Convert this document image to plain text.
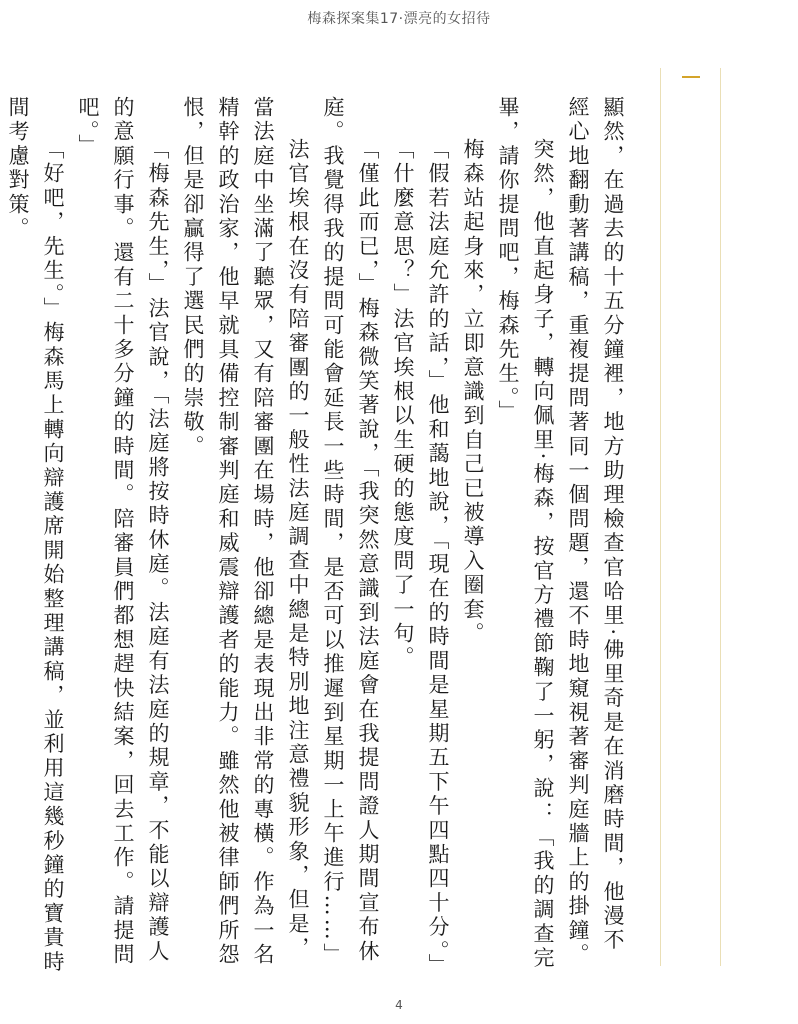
梅森探案集17·漂亮的女招待

顯然，在過去的十五分鐘裡，地方助理檢查官哈里·佛里奇是在消磨時間，他漫不經心地翻動著講稿，重複提問著同一個問題，還不時地窺視著審判庭牆上的掛鐘。

突然，他直起身子，轉向佩里·梅森，按官方禮節鞠了一躬，說：「我的調查完畢，請你提問吧，梅森先生。」

梅森站起身來，立即意識到自己已被導入圈套。

「假若法庭允許的話，」他和藹地說，「現在的時間是星期五下午四點四十分。」

「什麼意思？」法官埃根以生硬的態度問了一句。

「僅此而已，」梅森微笑著說，「我突然意識到法庭會在我提問證人期間宣布休庭。我覺得我的提問可能會延長一些時間，是否可以推遲到星期一上午進行……」

法官埃根在沒有陪審團的一般性法庭調查中總是特別地注意禮貌形象，但是，當法庭中坐滿了聽眾，又有陪審團在場時，他卻總是表現出非常的專橫。作為一名精幹的政治家，他早就具備控制審判庭和威震辯護者的能力。雖然他被律師們所怨恨，但是卻贏得了選民們的崇敬。

「梅森先生，」法官說，「法庭將按時休庭。法庭有法庭的規章，不能以辯護人的意願行事。還有二十多分鐘的時間。陪審員們都想趕快結案，回去工作。請提問吧。」

「好吧，先生。」梅森馬上轉向辯護席開始整理講稿，並利用這幾秒鐘的寶貴時間考慮對策。

4
